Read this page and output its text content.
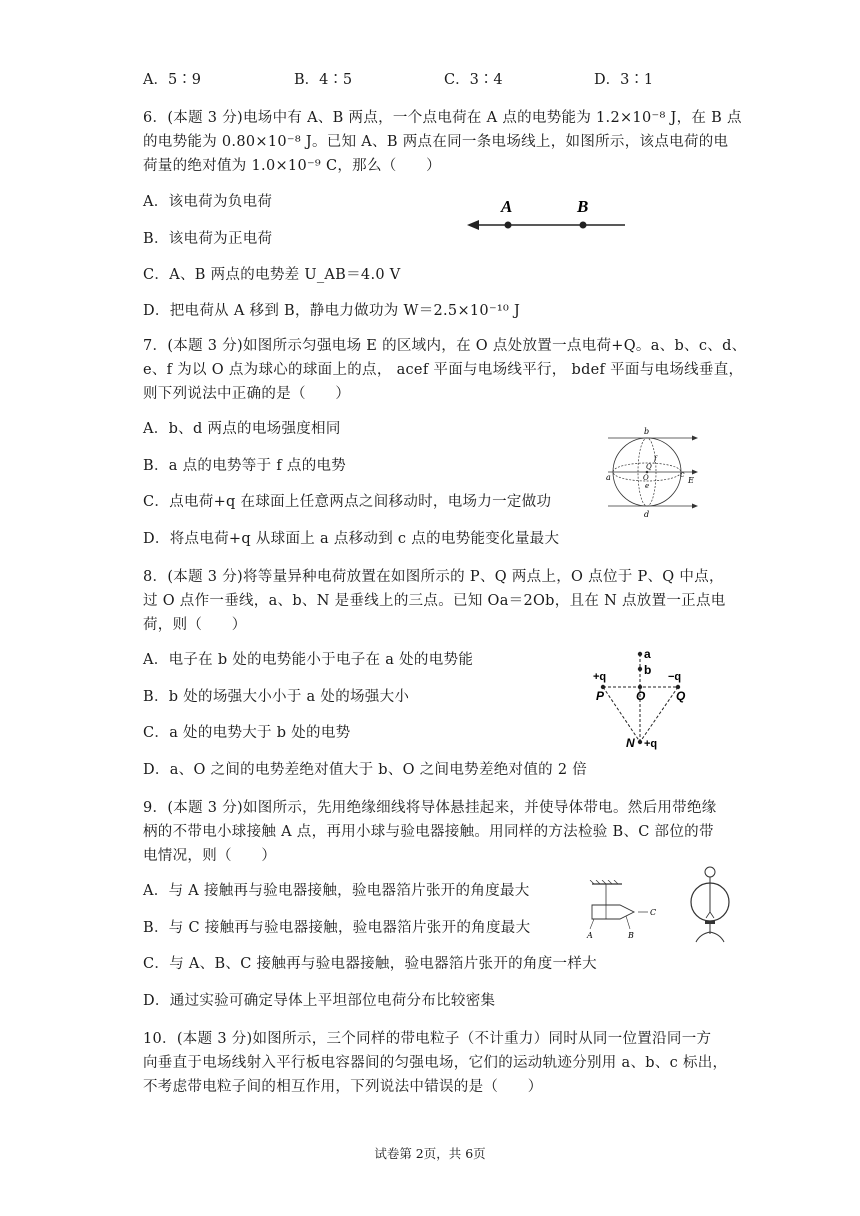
A．5∶9	B．4∶5	C．3∶4	D．3∶1
6．(本题 3 分)电场中有 A、B 两点，一个点电荷在 A 点的电势能为 1.2×10⁻⁸ J，在 B 点
的电势能为 0.80×10⁻⁸ J。已知 A、B 两点在同一条电场线上，如图所示，该点电荷的电
荷量的绝对值为 1.0×10⁻⁹ C，那么（　　）
A．该电荷为负电荷
B．该电荷为正电荷
C．A、B 两点的电势差 U_AB＝4.0 V
D．把电荷从 A 移到 B，静电力做功为 W＝2.5×10⁻¹⁰ J
A	B
7．(本题 3 分)如图所示匀强电场 E 的区域内，在 O 点处放置一点电荷+Q。a、b、c、d、
e、f 为以 O 点为球心的球面上的点， acef 平面与电场线平行， bdef 平面与电场线垂直，
则下列说法中正确的是（　　）
A．b、d 两点的电场强度相同
B．a 点的电势等于 f 点的电势
C．点电荷+q 在球面上任意两点之间移动时，电场力一定做功
D．将点电荷+q 从球面上 a 点移动到 c 点的电势能变化量最大
b
d
a	c
e
f
Q
O	E
8．(本题 3 分)将等量异种电荷放置在如图所示的 P、Q 两点上，O 点位于 P、Q 中点，
过 O 点作一垂线，a、b、N 是垂线上的三点。已知 Oa＝2Ob，且在 N 点放置一正点电
荷，则（　　）
A．电子在 b 处的电势能小于电子在 a 处的电势能
B．b 处的场强大小小于 a 处的场强大小
C．a 处的电势大于 b 处的电势
D．a、O 之间的电势差绝对值大于 b、O 之间电势差绝对值的 2 倍
a
b
+q	−q
P	O	Q
N +q
9．(本题 3 分)如图所示，先用绝缘细线将导体悬挂起来，并使导体带电。然后用带绝缘
柄的不带电小球接触 A 点，再用小球与验电器接触。用同样的方法检验 B、C 部位的带
电情况，则（　　）
A．与 A 接触再与验电器接触，验电器箔片张开的角度最大
B．与 C 接触再与验电器接触，验电器箔片张开的角度最大
C．与 A、B、C 接触再与验电器接触，验电器箔片张开的角度一样大
D．通过实验可确定导体上平坦部位电荷分布比较密集
A	B
C
10．(本题 3 分)如图所示，三个同样的带电粒子（不计重力）同时从同一位置沿同一方
向垂直于电场线射入平行板电容器间的匀强电场，它们的运动轨迹分别用 a、b、c 标出，
不考虑带电粒子间的相互作用，下列说法中错误的是（　　）
试卷第 2页，共 6页
